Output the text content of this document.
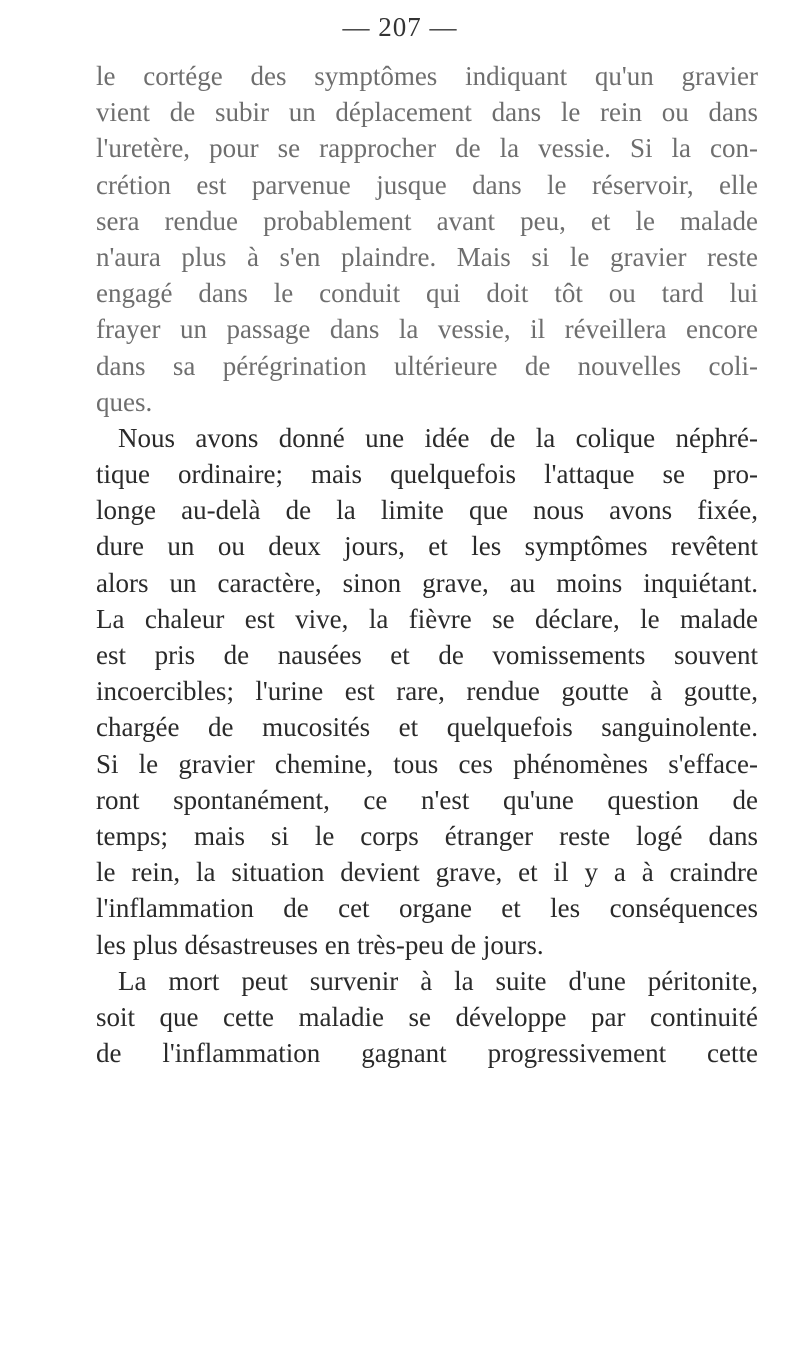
— 207 —
le cortége des symptômes indiquant qu'un gravier
vient de subir un déplacement dans le rein ou dans
l'uretère, pour se rapprocher de la vessie. Si la con-
crétion est parvenue jusque dans le réservoir, elle
sera rendue probablement avant peu, et le malade
n'aura plus à s'en plaindre. Mais si le gravier reste
engagé dans le conduit qui doit tôt ou tard lui
frayer un passage dans la vessie, il réveillera encore
dans sa pérégrination ultérieure de nouvelles coli-
ques.
Nous avons donné une idée de la colique néphré-
tique ordinaire; mais quelquefois l'attaque se pro-
longe au-delà de la limite que nous avons fixée,
dure un ou deux jours, et les symptômes revêtent
alors un caractère, sinon grave, au moins inquiétant.
La chaleur est vive, la fièvre se déclare, le malade
est pris de nausées et de vomissements souvent
incoercibles; l'urine est rare, rendue goutte à goutte,
chargée de mucosités et quelquefois sanguinolente.
Si le gravier chemine, tous ces phénomènes s'efface-
ront spontanément, ce n'est qu'une question de
temps; mais si le corps étranger reste logé dans
le rein, la situation devient grave, et il y a à craindre
l'inflammation de cet organe et les conséquences
les plus désastreuses en très-peu de jours.
La mort peut survenir à la suite d'une péritonite,
soit que cette maladie se développe par continuité
de l'inflammation gagnant progressivement cette
